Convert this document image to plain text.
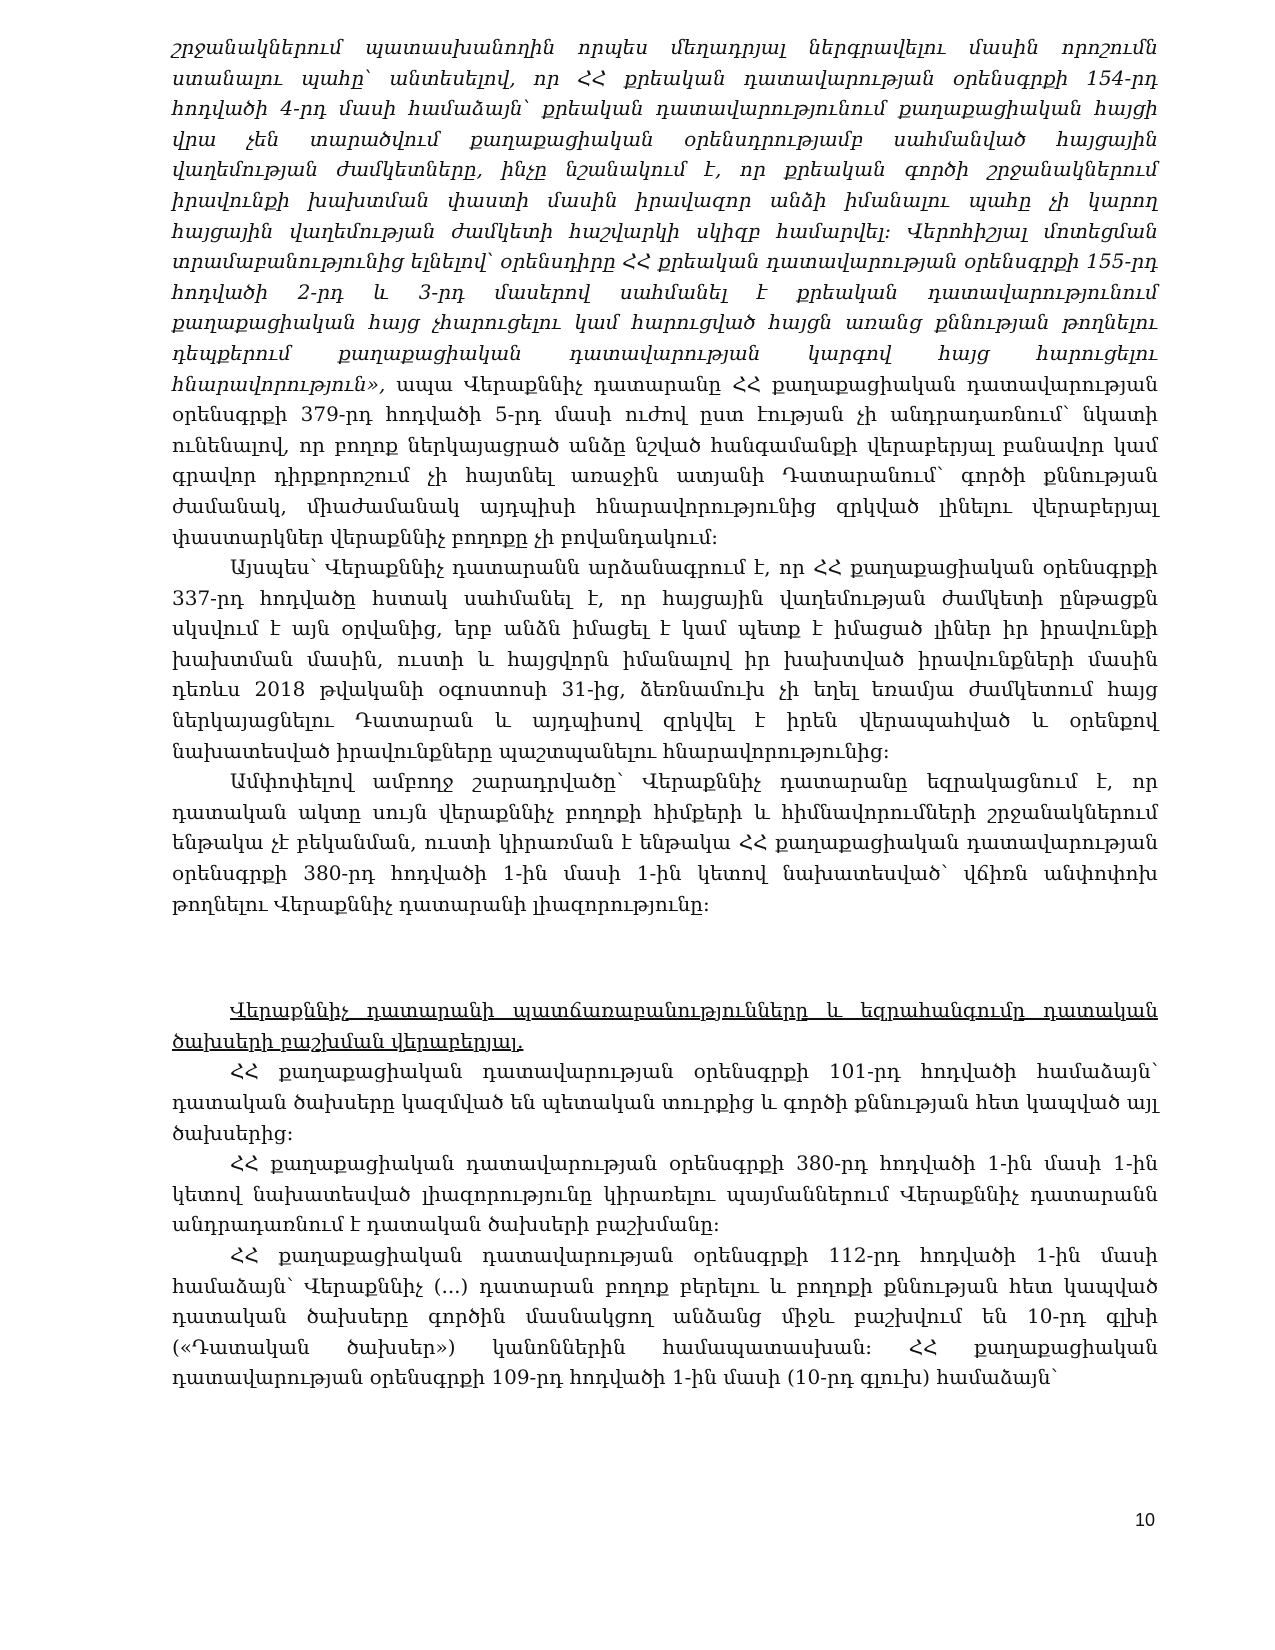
շրջանակներում պատասխանողին որպես մեղադրյալ ներգրավելու մասին որոշումն ստանալու պահը՝ անտեսելով, որ ՀՀ քրեական դատավարության օրենսգրքի 154-րդ հոդվածի 4-րդ մասի համաձայն՝ քրեական դատավարությունում քաղաքացիական հայցի վրա չեն տարածվում քաղաքացիական օրենսդրությամբ սահմանված հայցային վաղեմության ժամկետները, ինչը նշանակում է, որ քրեական գործի շրջանակներում իրավունքի խախտման փաստի մասին իրավազոր անձի իմանալու պահը չի կարող հայցային վաղեմության ժամկետի հաշվարկի սկիզբ համարվել: Վերոհիշյալ մոտեցման տրամաբանությունից ելնելով՝ օրենսդիրը ՀՀ քրեական դատավարության օրենսգրքի 155-րդ հոդվածի 2-րդ և 3-րդ մասերով սահմանել է քրեական դատավարությունում քաղաքացիական հայց չհարուցելու կամ հարուցված հայցն առանց քննության թողնելու դեպքերում քաղաքացիական դատավարության կարգով հայց հարուցելու հնարավորություն», ապա Վերաքննիչ դատարանը ՀՀ քաղաքացիական դատավարության օրենսգրքի 379-րդ հոդվածի 5-րդ մասի ուժով ըստ էության չի անդրադառնում՝ նկատի ունենալով, որ բողոք ներկայացրած անձը նշված հանգամանքի վերաբերյալ բանավոր կամ գրավոր դիրքորոշում չի հայտնել առաջին ատյանի Դատարանում՝ գործի քննության ժամանակ, միաժամանակ այդպիսի հնարավորությունից զրկված լինելու վերաբերյալ փաստարկներ վերաքննիչ բողոքը չի բովանդակում:

Այսպես՝ Վերաքննիչ դատարանն արձանագրում է, որ ՀՀ քաղաքացիական օրենսգրքի 337-րդ հոդվածը հստակ սահմանել է, որ հայցային վաղեմության ժամկետի ընթացքն սկսվում է այն օրվանից, երբ անձն իմացել է կամ պետք է իմացած լիներ իր իրավունքի խախտման մասին, ուստի և հայցվորն իմանալով իր խախտված իրավունքների մասին դեռևս 2018 թվականի օգոստոսի 31-ից, ձեռնամուխ չի եղել եռամյա ժամկետում հայց ներկայացնելու Դատարան և այդպիսով զրկվել է իրեն վերապահված և օրենքով նախատեսված իրավունքները պաշտպանելու հնարավորությունից:

Ամփոփելով ամբողջ շարադրվածը՝ Վերաքննիչ դատարանը եզրակացնում է, որ դատական ակտը սույն վերաքննիչ բողոքի հիմքերի և հիմնավորումների շրջանակներում ենթակա չէ բեկանման, ուստի կիրառման է ենթակա ՀՀ քաղաքացիական դատավարության օրենսգրքի 380-րդ հոդվածի 1-ին մասի 1-ին կետով նախատեսված՝ վճիռն անփոփոխ թողնելու Վերաքննիչ դատարանի լիազորությունը:

Վերաքննիչ դատարանի պատճառաբանությունները և եզրահանգումը դատական ծախսերի բաշխման վերաբերյալ.

ՀՀ քաղաքացիական դատավարության օրենսգրքի 101-րդ հոդվածի համաձայն՝ դատական ծախսերը կազմված են պետական տուրքից և գործի քննության հետ կապված այլ ծախսերից:

ՀՀ քաղաքացիական դատավարության օրենսգրքի 380-րդ հոդվածի 1-ին մասի 1-ին կետով նախատեսված լիազորությունը կիրառելու պայմաններում Վերաքննիչ դատարանն անդրադառնում է դատական ծախսերի բաշխմանը:

ՀՀ քաղաքացիական դատավարության օրենսգրքի 112-րդ հոդվածի 1-ին մասի համաձայն՝ Վերաքննիչ (...) դատարան բողոք բերելու և բողոքի քննության հետ կապված դատական ծախսերը գործին մասնակցող անձանց միջև բաշխվում են 10-րդ գլխի («Դատական ծախսեր») կանոններին համապատասխան: ՀՀ քաղաքացիական դատավարության օրենսգրքի 109-րդ հոդվածի 1-ին մասի (10-րդ գլուխ) համաձայն՝

10
